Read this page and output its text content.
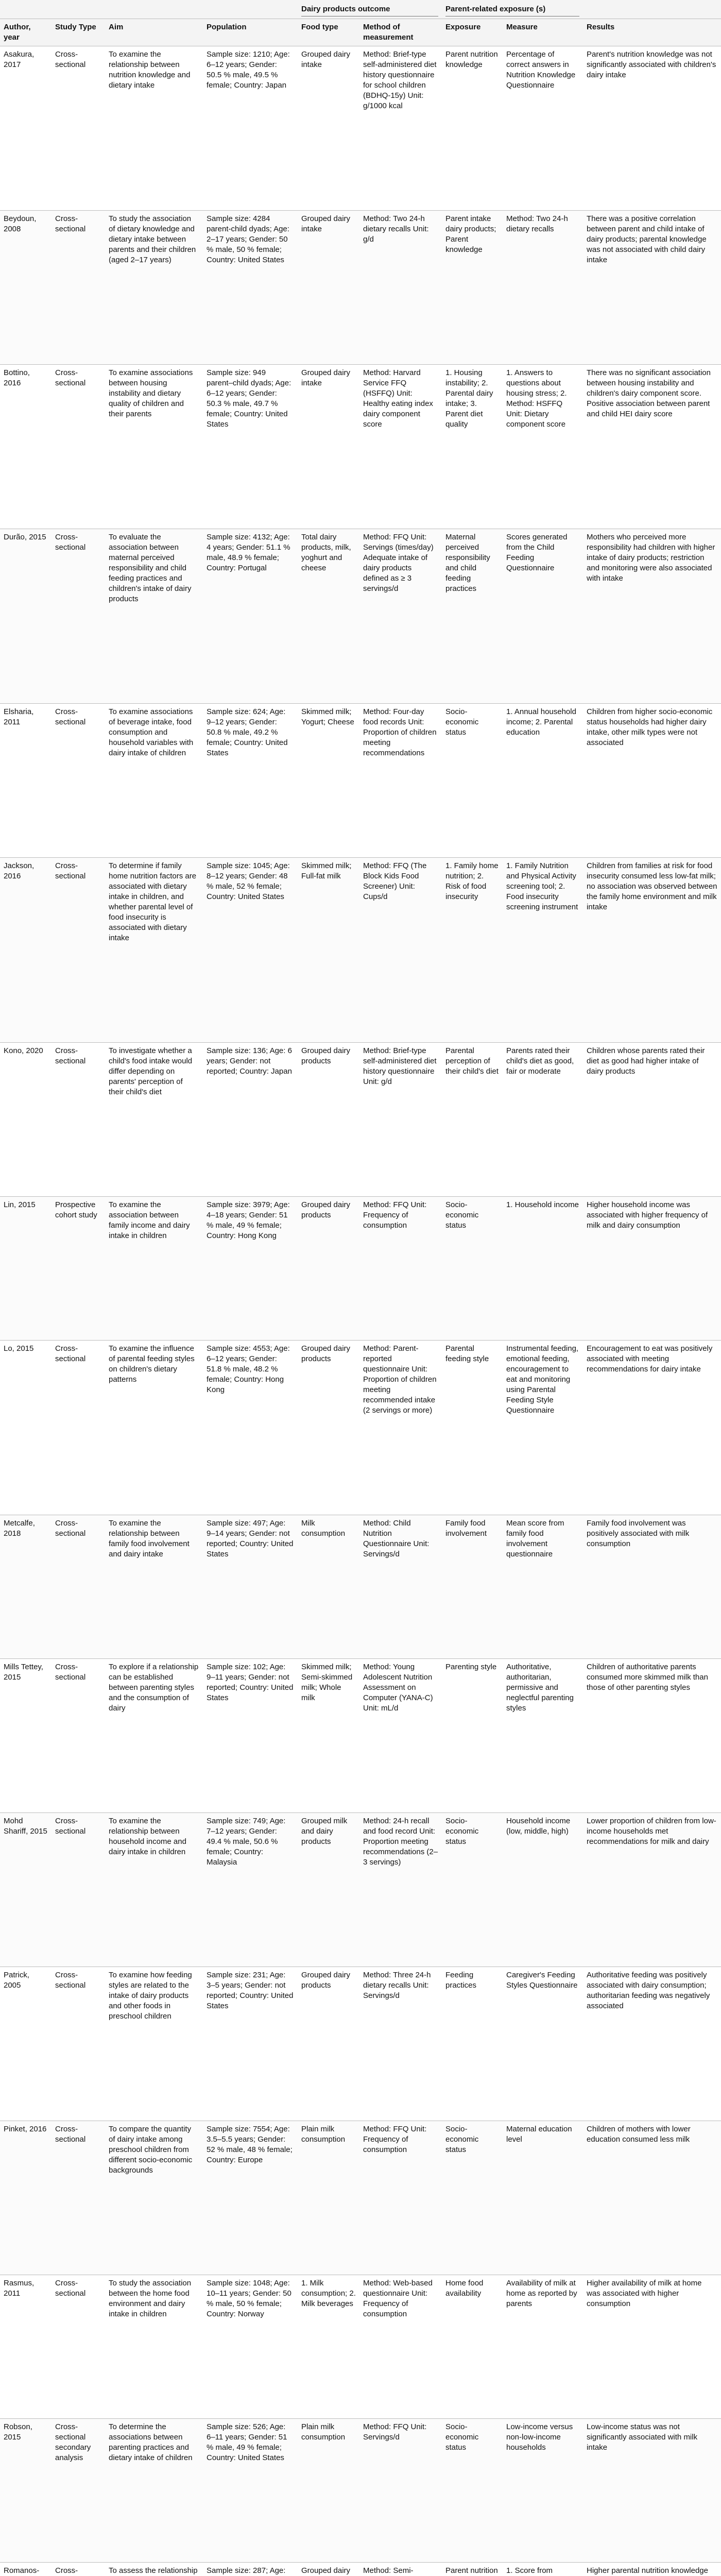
				Dairy products outcome		Parent-related exposure (s)		

Author, year	Study Type	Aim	Population	Food type	Method of measurement	Exposure	Measure	Results
Asakura, 2017	Cross-sectional	To examine the relationship between nutrition knowledge and dietary intake	Sample size: 1210; Age: 6–12 years; Gender: 50.5 % male, 49.5 % female; Country: Japan	Grouped dairy intake	Method: Brief-type self-administered diet history questionnaire for school children (BDHQ-15y) Unit: g/1000 kcal	Parent nutrition knowledge	Percentage of correct answers in Nutrition Knowledge Questionnaire	Parent's nutrition knowledge was not significantly associated with children's dairy intake
Beydoun, 2008	Cross-sectional	To study the association of dietary knowledge and dietary intake between parents and their children (aged 2–17 years)	Sample size: 4284 parent-child dyads; Age: 2–17 years; Gender: 50 % male, 50 % female; Country: United States	Grouped dairy intake	Method: Two 24-h dietary recalls Unit: g/d	Parent intake dairy products; Parent knowledge	Method: Two 24-h dietary recalls	There was a positive correlation between parent and child intake of dairy products; parental knowledge was not associated with child dairy intake
Bottino, 2016	Cross-sectional	To examine associations between housing instability and dietary quality of children and their parents	Sample size: 949 parent–child dyads; Age: 6–12 years; Gender: 50.3 % male, 49.7 % female; Country: United States	Grouped dairy intake	Method: Harvard Service FFQ (HSFFQ) Unit: Healthy eating index dairy component score	1. Housing instability; 2. Parental dairy intake; 3. Parent diet quality	1. Answers to questions about housing stress; 2. Method: HSFFQ Unit: Dietary component score	There was no significant association between housing instability and children's dairy component score. Positive association between parent and child HEI dairy score
Durão, 2015	Cross-sectional	To evaluate the association between maternal perceived responsibility and child feeding practices and children's intake of dairy products	Sample size: 4132; Age: 4 years; Gender: 51.1 % male, 48.9 % female; Country: Portugal	Total dairy products, milk, yoghurt and cheese	Method: FFQ Unit: Servings (times/day) Adequate intake of dairy products defined as ≥ 3 servings/d	Maternal perceived responsibility and child feeding practices	Scores generated from the Child Feeding Questionnaire	Mothers who perceived more responsibility had children with higher intake of dairy products; restriction and monitoring were also associated with intake
Elsharia, 2011	Cross-sectional	To examine associations of beverage intake, food consumption and household variables with dairy intake of children	Sample size: 624; Age: 9–12 years; Gender: 50.8 % male, 49.2 % female; Country: United States	Skimmed milk; Yogurt; Cheese	Method: Four-day food records Unit: Proportion of children meeting recommendations	Socio-economic status	1. Annual household income; 2. Parental education	Children from higher socio-economic status households had higher dairy intake, other milk types were not associated
Jackson, 2016	Cross-sectional	To determine if family home nutrition factors are associated with dietary intake in children, and whether parental level of food insecurity is associated with dietary intake	Sample size: 1045; Age: 8–12 years; Gender: 48 % male, 52 % female; Country: United States	Skimmed milk; Full-fat milk	Method: FFQ (The Block Kids Food Screener) Unit: Cups/d	1. Family home nutrition; 2. Risk of food insecurity	1. Family Nutrition and Physical Activity screening tool; 2. Food insecurity screening instrument	Children from families at risk for food insecurity consumed less low-fat milk; no association was observed between the family home environment and milk intake
Kono, 2020	Cross-sectional	To investigate whether a child's food intake would differ depending on parents' perception of their child's diet	Sample size: 136; Age: 6 years; Gender: not reported; Country: Japan	Grouped dairy products	Method: Brief-type self-administered diet history questionnaire Unit: g/d	Parental perception of their child's diet	Parents rated their child's diet as good, fair or moderate	Children whose parents rated their diet as good had higher intake of dairy products
Lin, 2015	Prospective cohort study	To examine the association between family income and dairy intake in children	Sample size: 3979; Age: 4–18 years; Gender: 51 % male, 49 % female; Country: Hong Kong	Grouped dairy products	Method: FFQ Unit: Frequency of consumption	Socio-economic status	1. Household income	Higher household income was associated with higher frequency of milk and dairy consumption
Lo, 2015	Cross-sectional	To examine the influence of parental feeding styles on children's dietary patterns	Sample size: 4553; Age: 6–12 years; Gender: 51.8 % male, 48.2 % female; Country: Hong Kong	Grouped dairy products	Method: Parent-reported questionnaire Unit: Proportion of children meeting recommended intake (2 servings or more)	Parental feeding style	Instrumental feeding, emotional feeding, encouragement to eat and monitoring using Parental Feeding Style Questionnaire	Encouragement to eat was positively associated with meeting recommendations for dairy intake
Metcalfe, 2018	Cross-sectional	To examine the relationship between family food involvement and dairy intake	Sample size: 497; Age: 9–14 years; Gender: not reported; Country: United States	Milk consumption	Method: Child Nutrition Questionnaire Unit: Servings/d	Family food involvement	Mean score from family food involvement questionnaire	Family food involvement was positively associated with milk consumption
Mills Tettey, 2015	Cross-sectional	To explore if a relationship can be established between parenting styles and the consumption of dairy	Sample size: 102; Age: 9–11 years; Gender: not reported; Country: United States	Skimmed milk; Semi-skimmed milk; Whole milk	Method: Young Adolescent Nutrition Assessment on Computer (YANA-C) Unit: mL/d	Parenting style	Authoritative, authoritarian, permissive and neglectful parenting styles	Children of authoritative parents consumed more skimmed milk than those of other parenting styles
Mohd Shariff, 2015	Cross-sectional	To examine the relationship between household income and dairy intake in children	Sample size: 749; Age: 7–12 years; Gender: 49.4 % male, 50.6 % female; Country: Malaysia	Grouped milk and dairy products	Method: 24-h recall and food record Unit: Proportion meeting recommendations (2–3 servings)	Socio-economic status	Household income (low, middle, high)	Lower proportion of children from low-income households met recommendations for milk and dairy
Patrick, 2005	Cross-sectional	To examine how feeding styles are related to the intake of dairy products and other foods in preschool children	Sample size: 231; Age: 3–5 years; Gender: not reported; Country: United States	Grouped dairy products	Method: Three 24-h dietary recalls Unit: Servings/d	Feeding practices	Caregiver's Feeding Styles Questionnaire	Authoritative feeding was positively associated with dairy consumption; authoritarian feeding was negatively associated
Pinket, 2016	Cross-sectional	To compare the quantity of dairy intake among preschool children from different socio-economic backgrounds	Sample size: 7554; Age: 3.5–5.5 years; Gender: 52 % male, 48 % female; Country: Europe	Plain milk consumption	Method: FFQ Unit: Frequency of consumption	Socio-economic status	Maternal education level	Children of mothers with lower education consumed less milk
Rasmus, 2011	Cross-sectional	To study the association between the home food environment and dairy intake in children	Sample size: 1048; Age: 10–11 years; Gender: 50 % male, 50 % female; Country: Norway	1. Milk consumption; 2. Milk beverages	Method: Web-based questionnaire Unit: Frequency of consumption	Home food availability	Availability of milk at home as reported by parents	Higher availability of milk at home was associated with higher consumption
Robson, 2015	Cross-sectional secondary analysis	To determine the associations between parenting practices and dietary intake of children	Sample size: 526; Age: 6–11 years; Gender: 51 % male, 49 % female; Country: United States	Plain milk consumption	Method: FFQ Unit: Servings/d	Socio-economic status	Low-income versus non-low-income households	Low-income status was not significantly associated with milk intake
Romanos-	Cross-	To assess the relationship	Sample size: 287; Age:	Grouped dairy	Method: Semi-	Parent nutrition	1. Score from	Higher parental nutrition knowledge
